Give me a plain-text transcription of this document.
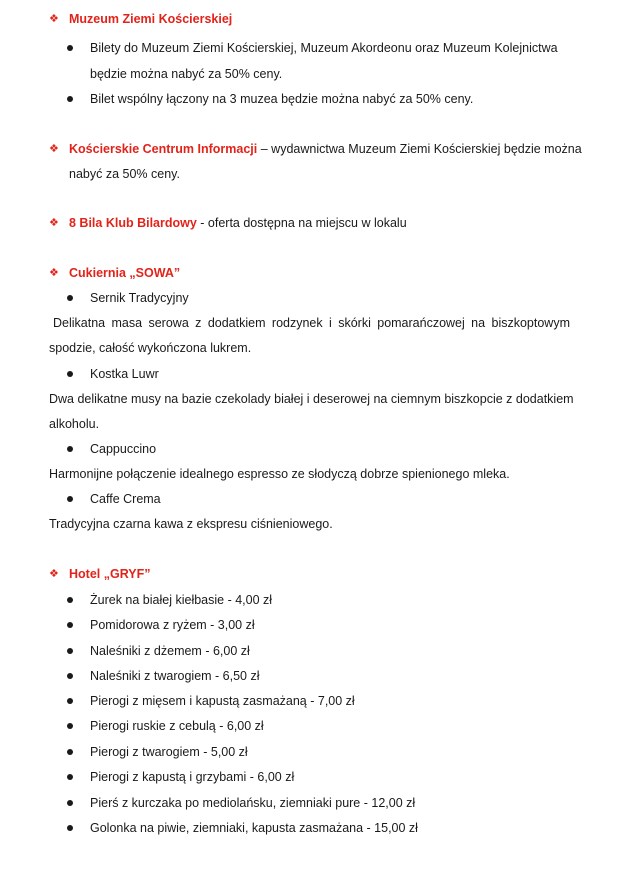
❖ Muzeum Ziemi Kościerskiej
Bilety do Muzeum Ziemi Kościerskiej, Muzeum Akordeonu oraz Muzeum Kolejnictwa
będzie można nabyć za 50% ceny.
Bilet wspólny łączony na 3 muzea będzie można nabyć za 50% ceny.
❖ Kościerskie Centrum Informacji – wydawnictwa Muzeum Ziemi Kościerskiej będzie można
nabyć za 50% ceny.
❖ 8 Bila Klub Bilardowy - oferta dostępna na miejscu w lokalu
❖ Cukiernia „SOWA”
Sernik Tradycyjny
Delikatna masa serowa z dodatkiem rodzynek i skórki pomarańczowej na biszkoptowym
spodzie, całość wykończona lukrem.
Kostka Luwr
Dwa delikatne musy na bazie czekolady białej i deserowej na ciemnym biszkopcie z dodatkiem
alkoholu.
Cappuccino
Harmonijne połączenie idealnego espresso ze słodyczą dobrze spienionego mleka.
Caffe Crema
Tradycyjna czarna kawa z ekspresu ciśnieniowego.
❖ Hotel „GRYF”
Żurek na białej kiełbasie - 4,00 zł
Pomidorowa z ryżem - 3,00 zł
Naleśniki z dżemem - 6,00 zł
Naleśniki z twarogiem - 6,50 zł
Pierogi z mięsem i kapustą zasmażaną - 7,00 zł
Pierogi ruskie z cebulą - 6,00 zł
Pierogi z twarogiem - 5,00 zł
Pierogi z kapustą i grzybami - 6,00 zł
Pierś z kurczaka po mediolańsku, ziemniaki pure - 12,00 zł
Golonka na piwie, ziemniaki, kapusta zasmażana - 15,00 zł
